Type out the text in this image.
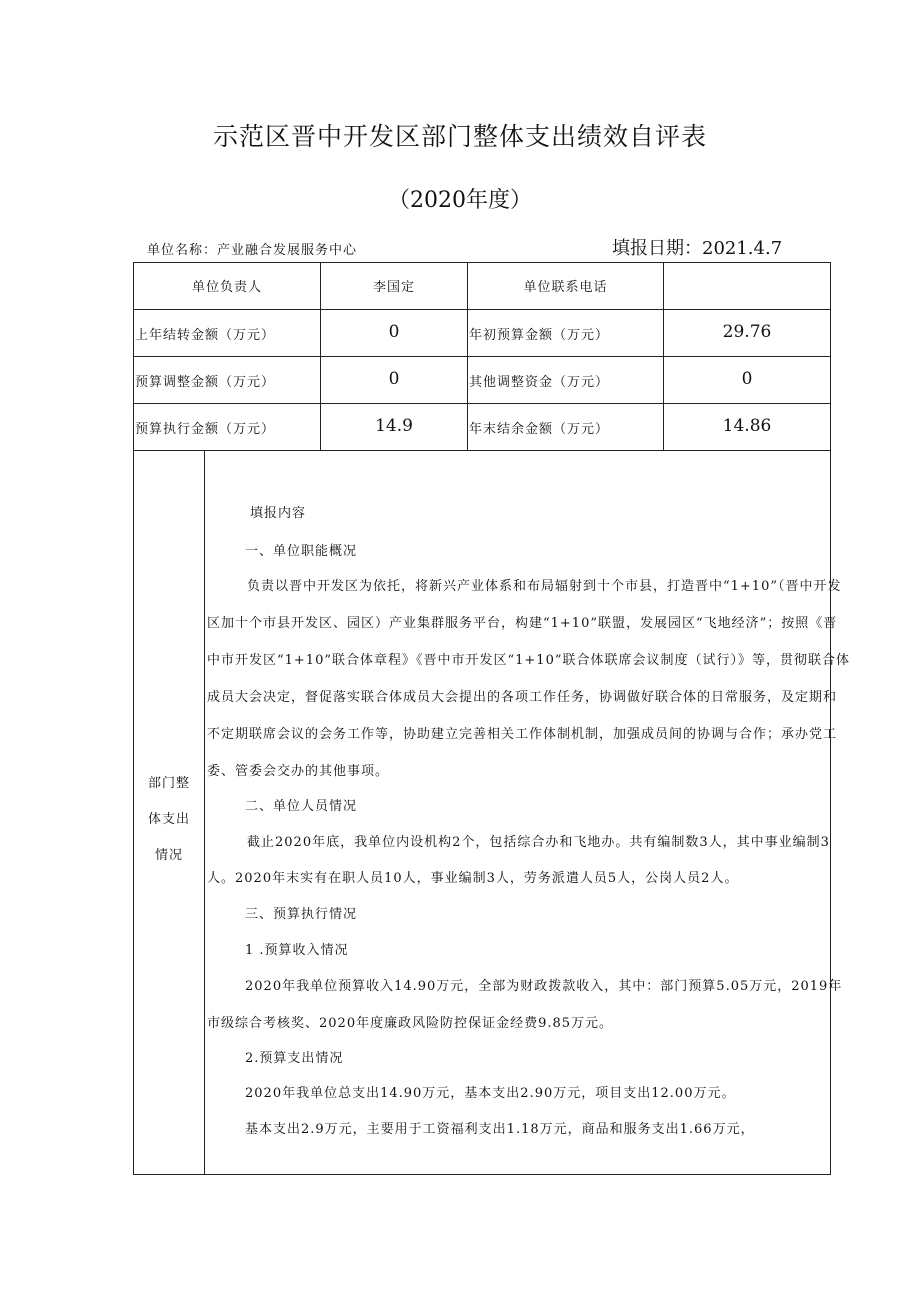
示范区晋中开发区部门整体支出绩效自评表
（2020年度）
单位名称：产业融合发展服务中心	填报日期：2021.4.7
单位负责人	李国定	单位联系电话
上年结转金额（万元）	0	年初预算金额（万元）	29.76
预算调整金额（万元）	0	其他调整资金（万元）	0
预算执行金额（万元）	14.9	年末结余金额（万元）	14.86
部门整
体支出
情况
填报内容
一、单位职能概况
负责以晋中开发区为依托，将新兴产业体系和布局辐射到十个市县，打造晋中“1+10”（晋中开发
区加十个市县开发区、园区）产业集群服务平台，构建“1+10”联盟，发展园区“飞地经济”；按照《晋
中市开发区“1+10”联合体章程》《晋中市开发区“1+10”联合体联席会议制度（试行）》等，贯彻联合体
成员大会决定，督促落实联合体成员大会提出的各项工作任务，协调做好联合体的日常服务，及定期和
不定期联席会议的会务工作等，协助建立完善相关工作体制机制，加强成员间的协调与合作；承办党工
委、管委会交办的其他事项。
二、单位人员情况
截止2020年底，我单位内设机构2个，包括综合办和飞地办。共有编制数3人，其中事业编制3
人。2020年末实有在职人员10人，事业编制3人，劳务派遣人员5人，公岗人员2人。
三、预算执行情况
1 .预算收入情况
2020年我单位预算收入14.90万元，全部为财政拨款收入，其中：部门预算5.05万元，2019年
市级综合考核奖、2020年度廉政风险防控保证金经费9.85万元。
2.预算支出情况
2020年我单位总支出14.90万元，基本支出2.90万元，项目支出12.00万元。
基本支出2.9万元，主要用于工资福利支出1.18万元，商品和服务支出1.66万元，
